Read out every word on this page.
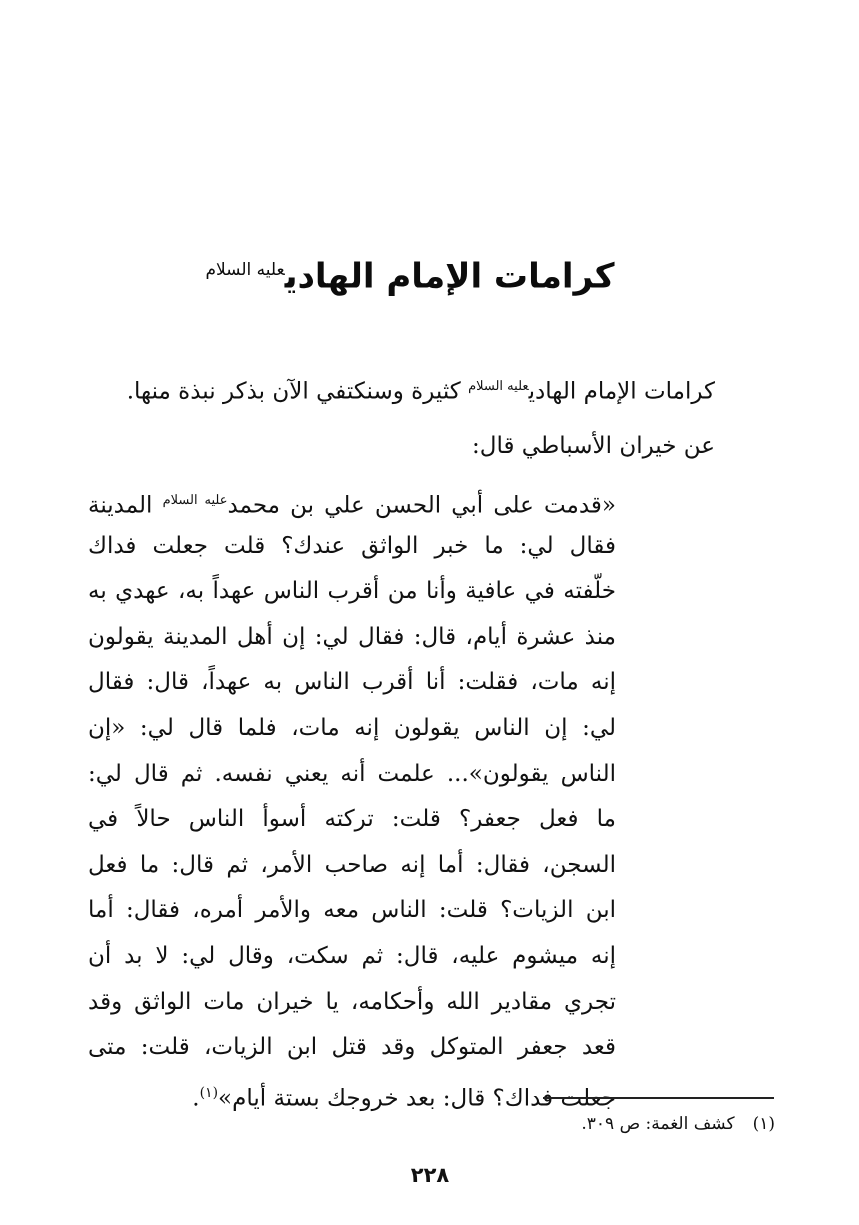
كرامات الإمام الهادي$^{عليه السلام}$

كرامات الإمام الهادي$^{عليه السلام}$ كثيرة وسنكتفي الآن بذكر نبذة منها.

عن خيران الأسباطي قال:

«قدمت على أبي الحسن علي بن محمد$^{عليه السلام}$ المدينة
فقال لي: ما خبر الواثق عندك؟ قلت جعلت فداك
خلّفته في عافية وأنا من أقرب الناس عهداً به، عهدي به
منذ عشرة أيام، قال: فقال لي: إن أهل المدينة يقولون
إنه مات، فقلت: أنا أقرب الناس به عهداً، قال: فقال
لي: إن الناس يقولون إنه مات، فلما قال لي: «إن
الناس يقولون»... علمت أنه يعني نفسه. ثم قال لي:
ما فعل جعفر؟ قلت: تركته أسوأ الناس حالاً في
السجن، فقال: أما إنه صاحب الأمر، ثم قال: ما فعل
ابن الزيات؟ قلت: الناس معه والأمر أمره، فقال: أما
إنه ميشوم عليه، قال: ثم سكت، وقال لي: لا بد أن
تجري مقادير الله وأحكامه، يا خيران مات الواثق وقد
قعد جعفر المتوكل وقد قتل ابن الزيات، قلت: متى
جعلت فداك؟ قال: بعد خروجك بستة أيام»$^{(١)}$.
(١)كشف الغمة: ص ٣٠٩.
٢٢٨
